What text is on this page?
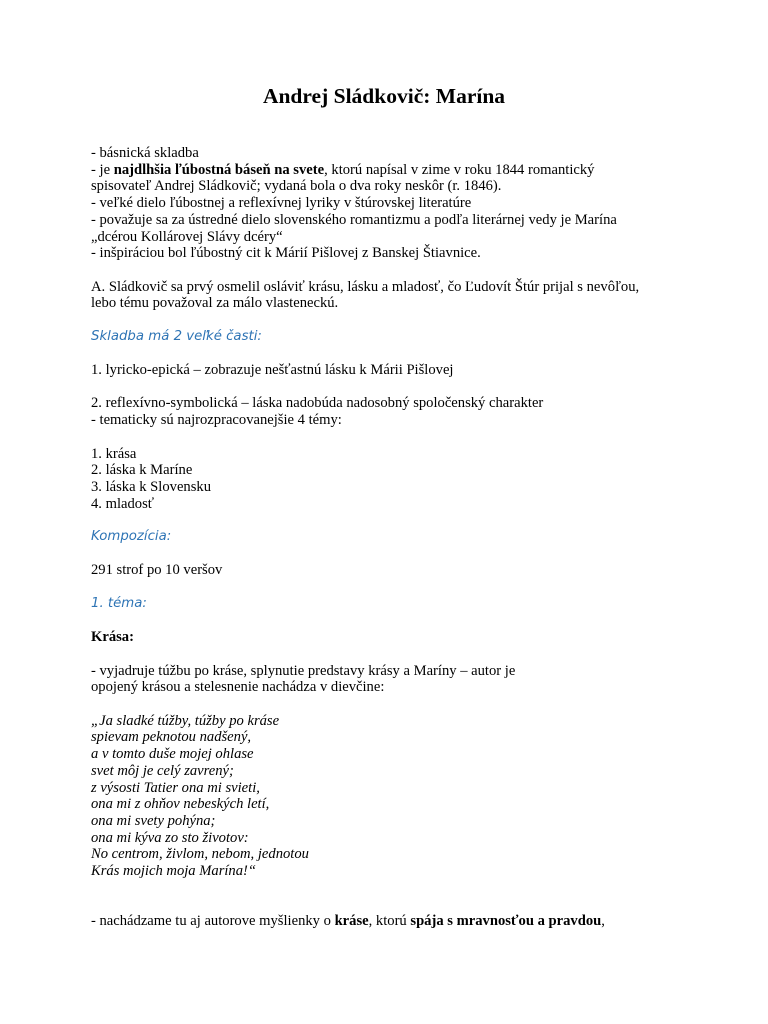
Andrej Sládkovič: Marína

- básnická skladba

- je najdlhšia ľúbostná báseň na svete, ktorú napísal v zime v roku 1844 romantický

spisovateľ Andrej Sládkovič; vydaná bola o dva roky neskôr (r. 1846).

- veľké dielo ľúbostnej a reflexívnej lyriky v štúrovskej literatúre

- považuje sa za ústredné dielo slovenského romantizmu a podľa literárnej vedy je Marína

„dcérou Kollárovej Slávy dcéry“

- inšpiráciou bol ľúbostný cit k Márií Pišlovej z Banskej Štiavnice.

A. Sládkovič sa prvý osmelil osláviť krásu, lásku a mladosť, čo Ľudovít Štúr prijal s nevôľou,

lebo tému považoval za málo vlasteneckú.

Skladba má 2 veľké časti:

1. lyricko-epická – zobrazuje nešťastnú lásku k Márii Pišlovej

2. reflexívno-symbolická – láska nadobúda nadosobný spoločenský charakter

- tematicky sú najrozpracovanejšie 4 témy:

1. krása

2. láska k Maríne

3. láska k Slovensku

4. mladosť

Kompozícia:

291 strof po 10 veršov

1. téma:

Krása:

- vyjadruje túžbu po kráse, splynutie predstavy krásy a Maríny – autor je

opojený krásou a stelesnenie nachádza v dievčine:

„Ja sladké túžby, túžby po kráse

spievam peknotou nadšený,

a v tomto duše mojej ohlase

svet môj je celý zavrený;

z výsosti Tatier ona mi svieti,

ona mi z ohňov nebeských letí,

ona mi svety pohýna;

ona mi kýva zo sto životov:

No centrom, živlom, nebom, jednotou

Krás mojich moja Marína!“

- nachádzame tu aj autorove myšlienky o kráse, ktorú spája s mravnosťou a pravdou,
